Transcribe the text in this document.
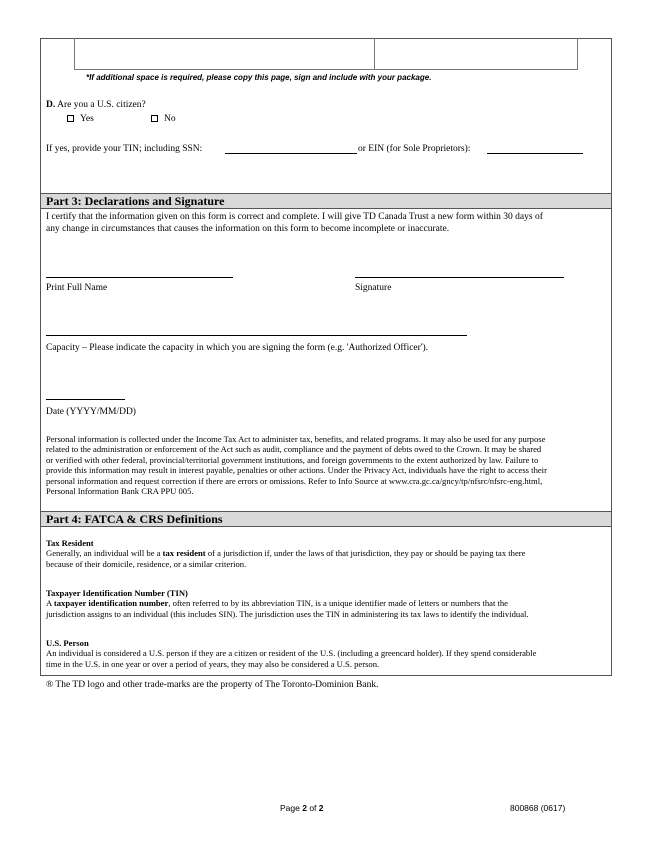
*If additional space is required, please copy this page, sign and include with your package.
D. Are you a U.S. citizen?
Yes	No
If yes, provide your TIN; including SSN:	or EIN (for Sole Proprietors):
Part 3: Declarations and Signature
I certify that the information given on this form is correct and complete. I will give TD Canada Trust a new form within 30 days of
any change in circumstances that causes the information on this form to become incomplete or inaccurate.
Print Full Name	Signature
Capacity – Please indicate the capacity in which you are signing the form (e.g. 'Authorized Officer').
Date (YYYY/MM/DD)
Personal information is collected under the Income Tax Act to administer tax, benefits, and related programs. It may also be used for any purpose
related to the administration or enforcement of the Act such as audit, compliance and the payment of debts owed to the Crown. It may be shared
or verified with other federal, provincial/territorial government institutions, and foreign governments to the extent authorized by law. Failure to
provide this information may result in interest payable, penalties or other actions. Under the Privacy Act, individuals have the right to access their
personal information and request correction if there are errors or omissions. Refer to Info Source at www.cra.gc.ca/gncy/tp/nfsrc/nfsrc-eng.html,
Personal Information Bank CRA PPU 005.
Part 4: FATCA & CRS Definitions
Tax Resident
Generally, an individual will be a tax resident of a jurisdiction if, under the laws of that jurisdiction, they pay or should be paying tax there
because of their domicile, residence, or a similar criterion.
Taxpayer Identification Number (TIN)
A taxpayer identification number, often referred to by its abbreviation TIN, is a unique identifier made of letters or numbers that the
jurisdiction assigns to an individual (this includes SIN). The jurisdiction uses the TIN in administering its tax laws to identify the individual.
U.S. Person
An individual is considered a U.S. person if they are a citizen or resident of the U.S. (including a greencard holder). If they spend considerable
time in the U.S. in one year or over a period of years, they may also be considered a U.S. person.
® The TD logo and other trade-marks are the property of The Toronto-Dominion Bank.
Page 2 of 2	800868 (0617)
